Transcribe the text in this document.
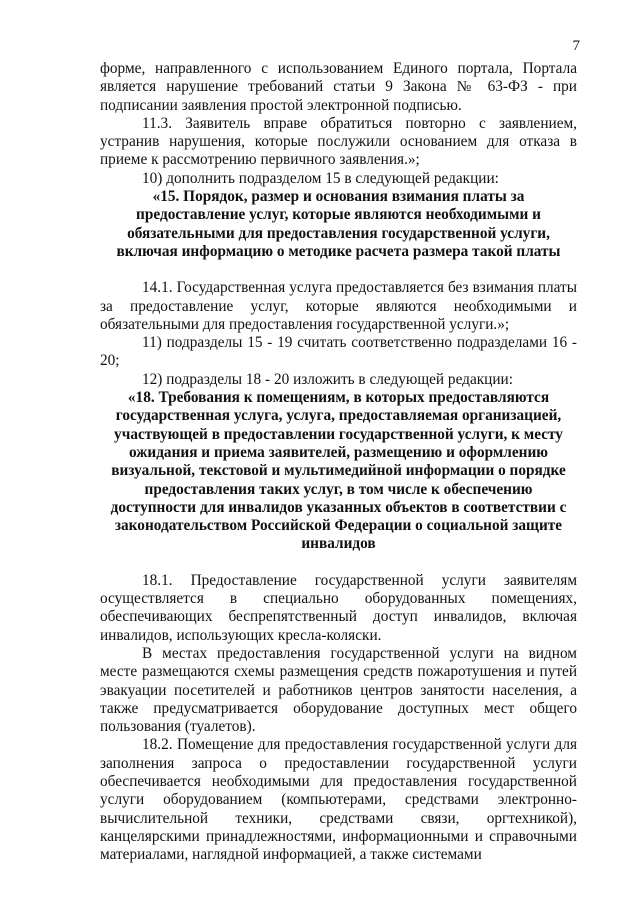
7

форме, направленного с использованием Единого портала, Портала является нарушение требований статьи 9 Закона № 63-ФЗ - при подписании заявления простой электронной подписью.

11.3. Заявитель вправе обратиться повторно с заявлением, устранив нарушения, которые послужили основанием для отказа в приеме к рассмотрению первичного заявления.»;

10) дополнить подразделом 15 в следующей редакции:

«15. Порядок, размер и основания взимания платы за предоставление услуг, которые являются необходимыми и обязательными для предоставления государственной услуги, включая информацию о методике расчета размера такой платы

14.1. Государственная услуга предоставляется без взимания платы за предоставление услуг, которые являются необходимыми и обязательными для предоставления государственной услуги.»;

11) подразделы 15 - 19 считать соответственно подразделами 16 - 20;

12) подразделы 18 - 20 изложить в следующей редакции:

«18. Требования к помещениям, в которых предоставляются государственная услуга, услуга, предоставляемая организацией, участвующей в предоставлении государственной услуги, к месту ожидания и приема заявителей, размещению и оформлению визуальной, текстовой и мультимедийной информации о порядке предоставления таких услуг, в том числе к обеспечению доступности для инвалидов указанных объектов в соответствии с законодательством Российской Федерации о социальной защите инвалидов

18.1. Предоставление государственной услуги заявителям осуществляется в специально оборудованных помещениях, обеспечивающих беспрепятственный доступ инвалидов, включая инвалидов, использующих кресла-коляски.

В местах предоставления государственной услуги на видном месте размещаются схемы размещения средств пожаротушения и путей эвакуации посетителей и работников центров занятости населения, а также предусматривается оборудование доступных мест общего пользования (туалетов).

18.2. Помещение для предоставления государственной услуги для заполнения запроса о предоставлении государственной услуги обеспечивается необходимыми для предоставления государственной услуги оборудованием (компьютерами, средствами электронно-вычислительной техники, средствами связи, оргтехникой), канцелярскими принадлежностями, информационными и справочными материалами, наглядной информацией, а также системами
